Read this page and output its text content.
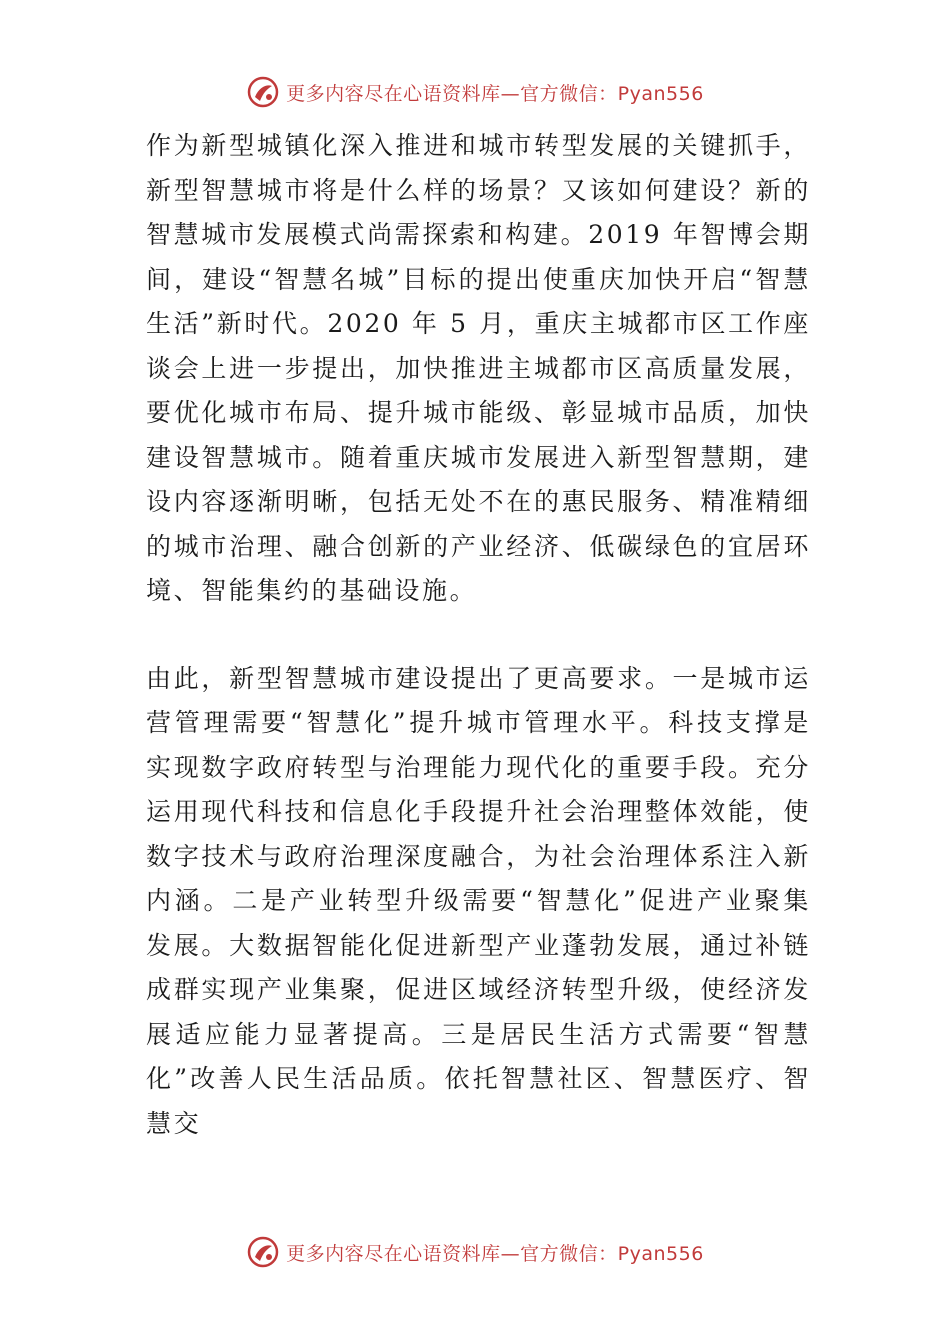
更多内容尽在心语资料库—官方微信：Pyan556

作为新型城镇化深入推进和城市转型发展的关键抓手，新型智慧城市将是什么样的场景？又该如何建设？新的智慧城市发展模式尚需探索和构建。2019 年智博会期间，建设“智慧名城”目标的提出使重庆加快开启“智慧生活”新时代。2020 年 5 月，重庆主城都市区工作座谈会上进一步提出，加快推进主城都市区高质量发展，要优化城市布局、提升城市能级、彰显城市品质，加快建设智慧城市。随着重庆城市发展进入新型智慧期，建设内容逐渐明晰，包括无处不在的惠民服务、精准精细的城市治理、融合创新的产业经济、低碳绿色的宜居环境、智能集约的基础设施。

由此，新型智慧城市建设提出了更高要求。一是城市运营管理需要“智慧化”提升城市管理水平。科技支撑是实现数字政府转型与治理能力现代化的重要手段。充分运用现代科技和信息化手段提升社会治理整体效能，使数字技术与政府治理深度融合，为社会治理体系注入新内涵。二是产业转型升级需要“智慧化”促进产业聚集发展。大数据智能化促进新型产业蓬勃发展，通过补链成群实现产业集聚，促进区域经济转型升级，使经济发展适应能力显著提高。三是居民生活方式需要“智慧化”改善人民生活品质。依托智慧社区、智慧医疗、智慧交

更多内容尽在心语资料库—官方微信：Pyan556
